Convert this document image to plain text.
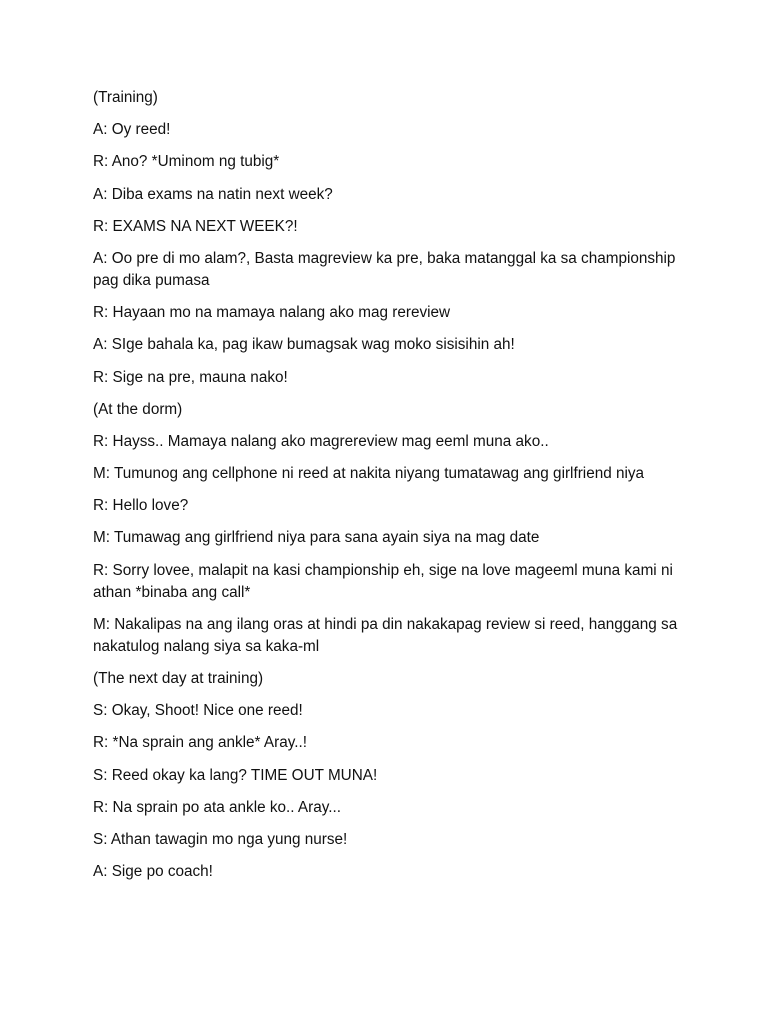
(Training)

A: Oy reed!

R: Ano? *Uminom ng tubig*

A: Diba exams na natin next week?

R: EXAMS NA NEXT WEEK?!

A: Oo pre di mo alam?, Basta magreview ka pre, baka matanggal ka sa championship pag dika pumasa

R: Hayaan mo na mamaya nalang ako mag rereview

A: SIge bahala ka, pag ikaw bumagsak wag moko sisisihin ah!

R: Sige na pre, mauna nako!

(At the dorm)

R: Hayss.. Mamaya nalang ako magrereview mag eeml muna ako..

M: Tumunog ang cellphone ni reed at nakita niyang tumatawag ang girlfriend niya

R: Hello love?

M: Tumawag ang girlfriend niya para sana ayain siya na mag date

R: Sorry lovee, malapit na kasi championship eh, sige na love mageeml muna kami ni athan *binaba ang call*

M: Nakalipas na ang ilang oras at hindi pa din nakakapag review si reed, hanggang sa nakatulog nalang siya sa kaka-ml

(The next day at training)

S: Okay, Shoot! Nice one reed!

R: *Na sprain ang ankle* Aray..!

S: Reed okay ka lang? TIME OUT MUNA!

R: Na sprain po ata ankle ko.. Aray...

S: Athan tawagin mo nga yung nurse!

A: Sige po coach!
